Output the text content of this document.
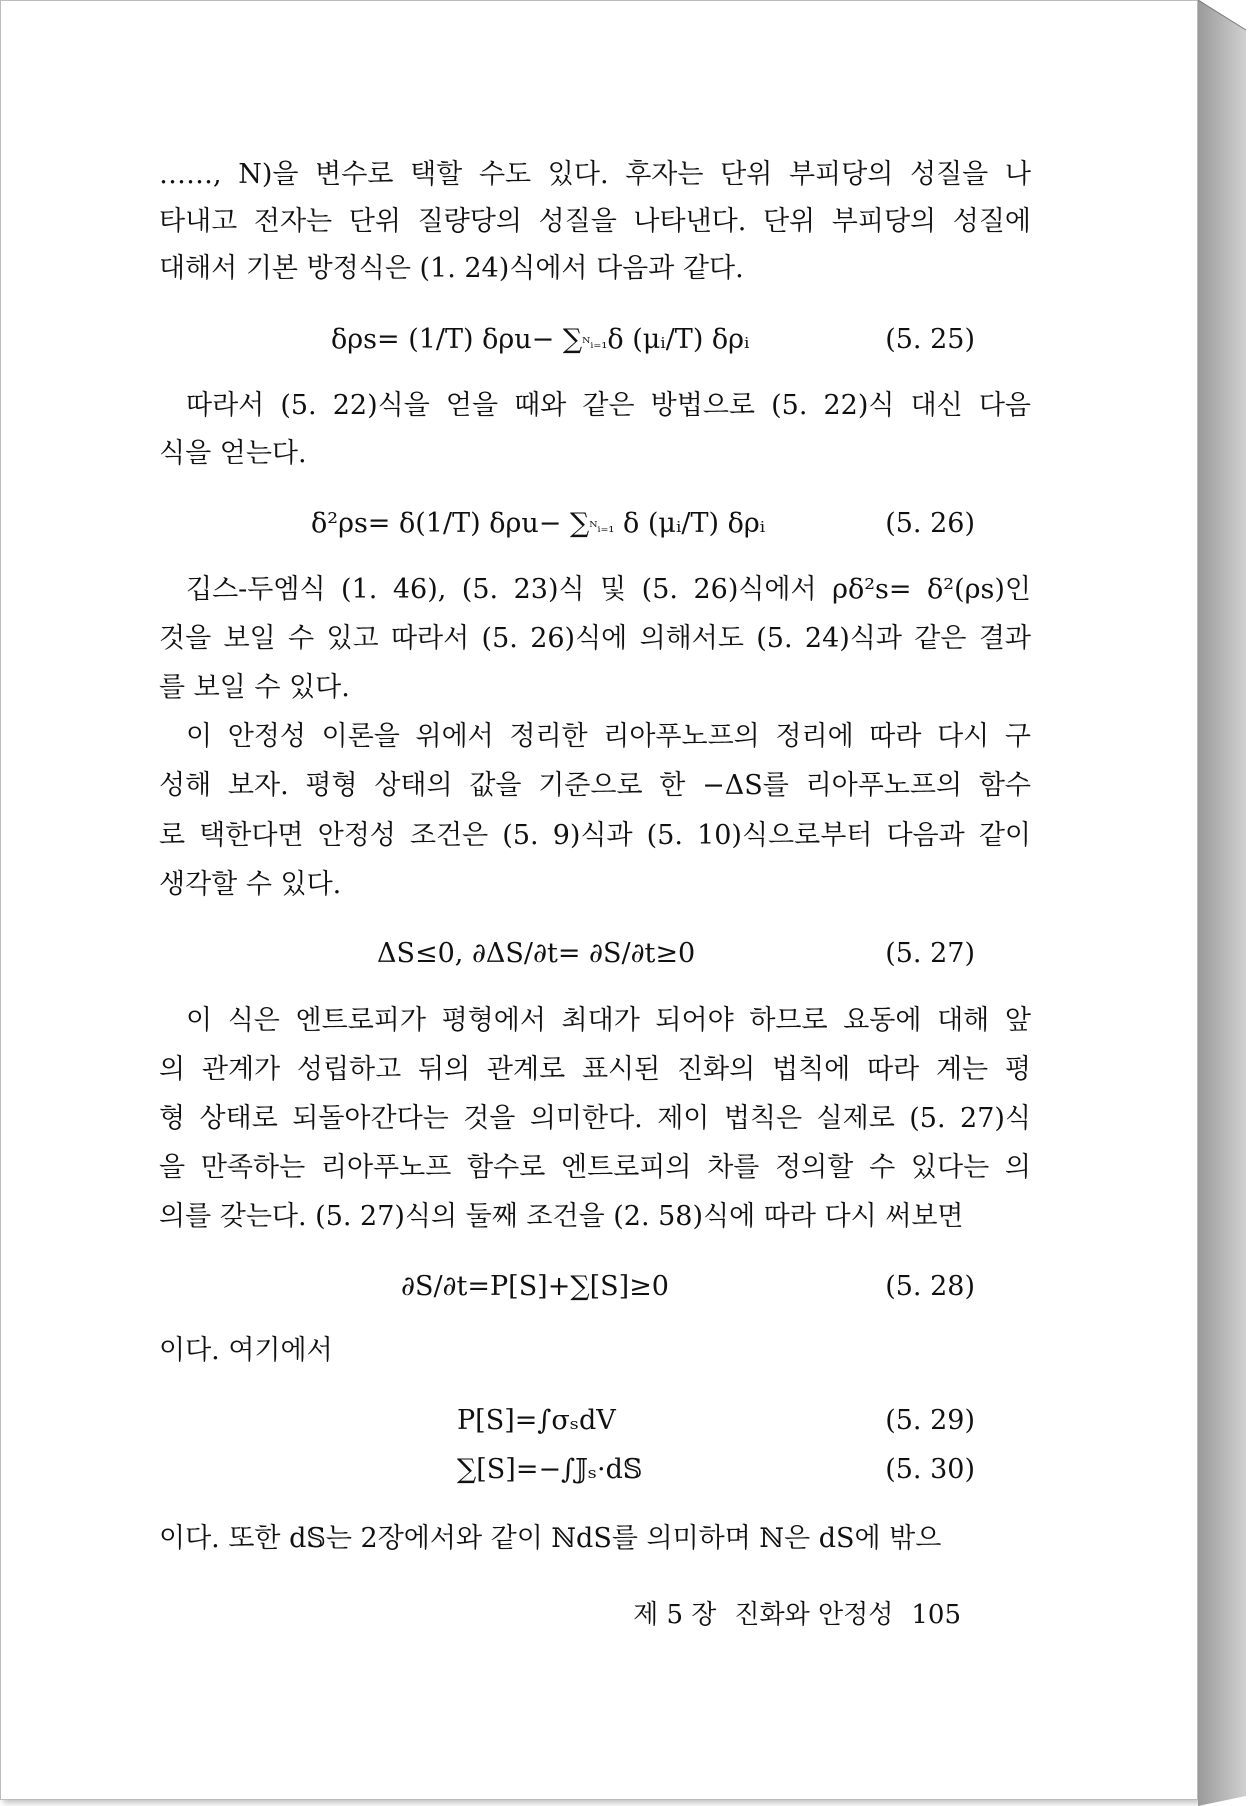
……, N)을 변수로 택할 수도 있다. 후자는 단위 부피당의 성질을 나
타내고 전자는 단위 질량당의 성질을 나타낸다. 단위 부피당의 성질에
대해서 기본 방정식은 (1. 24)식에서 다음과 같다.
δρs= (1/T) δρu− ∑ᴺᵢ₌₁δ (μᵢ/T) δρᵢ	(5. 25)
따라서 (5. 22)식을 얻을 때와 같은 방법으로 (5. 22)식 대신 다음
식을 얻는다.
δ²ρs= δ(1/T) δρu− ∑ᴺᵢ₌₁ δ (μᵢ/T) δρᵢ	(5. 26)
깁스-두엠식 (1. 46), (5. 23)식 및 (5. 26)식에서 ρδ²s= δ²(ρs)인
것을 보일 수 있고 따라서 (5. 26)식에 의해서도 (5. 24)식과 같은 결과
를 보일 수 있다.
이 안정성 이론을 위에서 정리한 리아푸노프의 정리에 따라 다시 구
성해 보자. 평형 상태의 값을 기준으로 한 −ΔS를 리아푸노프의 함수
로 택한다면 안정성 조건은 (5. 9)식과 (5. 10)식으로부터 다음과 같이
생각할 수 있다.
ΔS≤0, ∂ΔS/∂t= ∂S/∂t≥0	(5. 27)
이 식은 엔트로피가 평형에서 최대가 되어야 하므로 요동에 대해 앞
의 관계가 성립하고 뒤의 관계로 표시된 진화의 법칙에 따라 계는 평
형 상태로 되돌아간다는 것을 의미한다. 제이 법칙은 실제로 (5. 27)식
을 만족하는 리아푸노프 함수로 엔트로피의 차를 정의할 수 있다는 의
의를 갖는다. (5. 27)식의 둘째 조건을 (2. 58)식에 따라 다시 써보면
∂S/∂t=P[S]+∑[S]≥0	(5. 28)
이다. 여기에서
P[S]=∫σₛdV	(5. 29)
∑[S]=−∫𝕁ₛ·d𝕊	(5. 30)
이다. 또한 d𝕊는 2장에서와 같이 ℕdS를 의미하며 ℕ은 dS에 밖으
제 5 장 진화와 안정성 105
